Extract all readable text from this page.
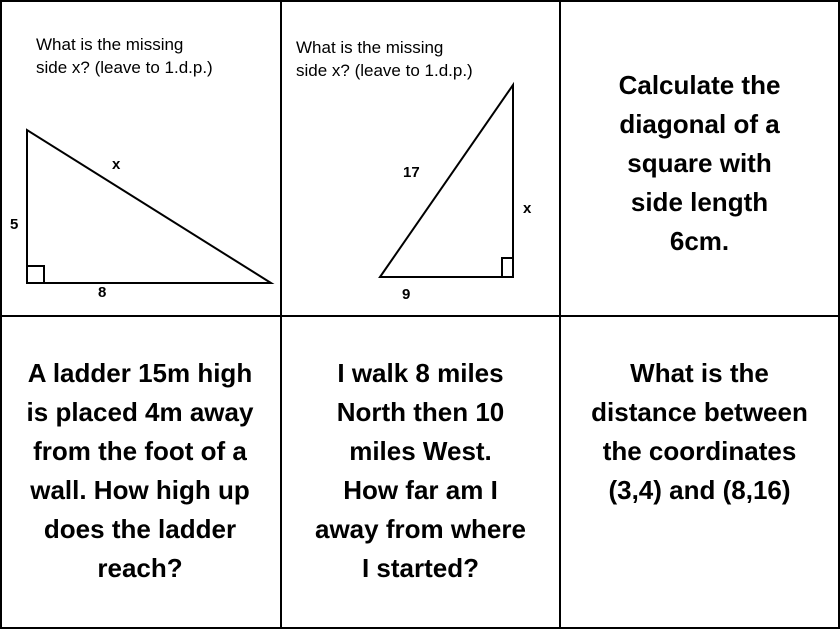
What is the missing
side x? (leave to 1.d.p.)
x
5
8
What is the missing
side x? (leave to 1.d.p.)
17
x
9
Calculate the
diagonal of a
square with
side length
6cm.
A ladder 15m high
is placed 4m away
from the foot of a
wall. How high up
does the ladder
reach?
I walk 8 miles
North then 10
miles West.
How far am I
away from where
I started?
What is the
distance between
the coordinates
(3,4) and (8,16)
